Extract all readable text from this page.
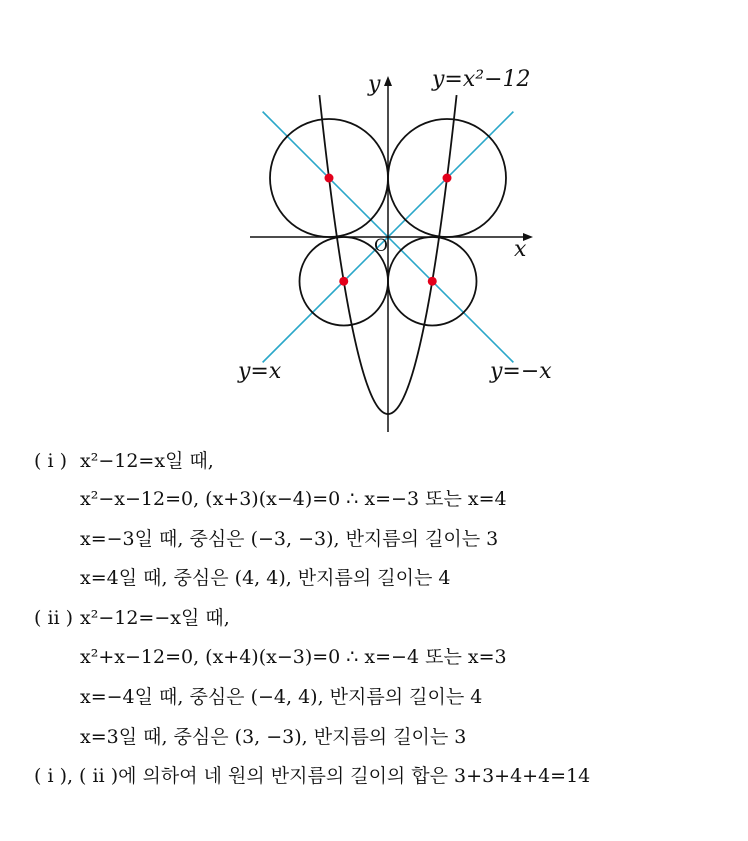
y
x
O
y=x²−12
y=x	y=−x
( ⅰ ) x²−12=x일 때,
x²−x−12=0, (x+3)(x−4)=0 ∴ x=−3 또는 x=4
x=−3일 때, 중심은 (−3, −3), 반지름의 길이는 3
x=4일 때, 중심은 (4, 4), 반지름의 길이는 4
( ⅱ ) x²−12=−x일 때,
x²+x−12=0, (x+4)(x−3)=0 ∴ x=−4 또는 x=3
x=−4일 때, 중심은 (−4, 4), 반지름의 길이는 4
x=3일 때, 중심은 (3, −3), 반지름의 길이는 3
( ⅰ ), ( ⅱ )에 의하여 네 원의 반지름의 길이의 합은 3+3+4+4=14
